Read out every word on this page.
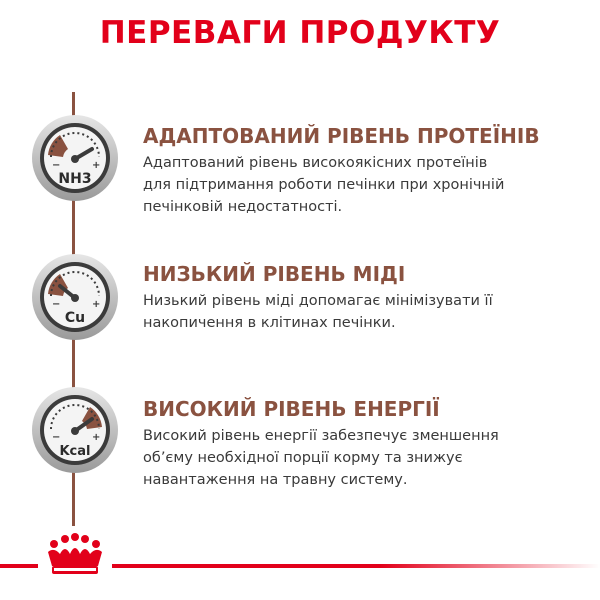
ПЕРЕВАГИ ПРОДУКТУ
−	+
NH3
АДАПТОВАНИЙ РІВЕНЬ ПРОТЕЇНІВ

Адаптований рівень високоякісних протеїнів
для підтримання роботи печінки при хронічній
печінковій недостатності.

−	+
Cu
НИЗЬКИЙ РІВЕНЬ МІДІ

Низький рівень міді допомагає мінімізувати її
накопичення в клітинах печінки.

−	+
Kcal
ВИСОКИЙ РІВЕНЬ ЕНЕРГІЇ

Високий рівень енергії забезпечує зменшення
об’єму необхідної порції корму та знижує
навантаження на травну систему.
